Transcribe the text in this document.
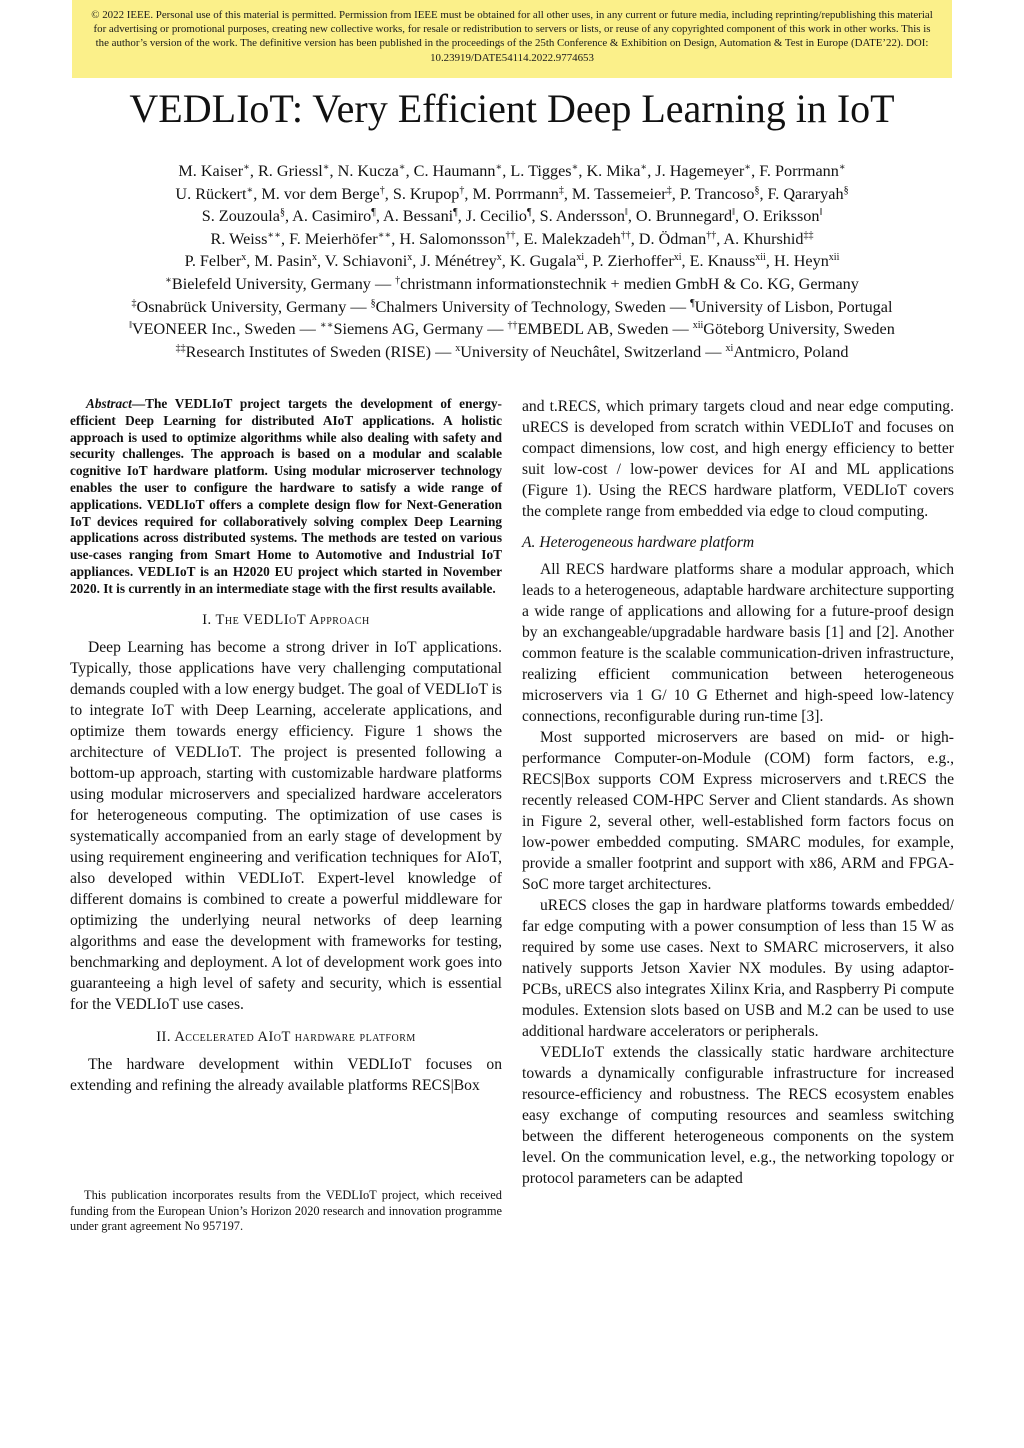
© 2022 IEEE. Personal use of this material is permitted. Permission from IEEE must be obtained for all other uses, in any current or future media, including reprinting/republishing this material for advertising or promotional purposes, creating new collective works, for resale or redistribution to servers or lists, or reuse of any copyrighted component of this work in other works. This is the author’s version of the work. The definitive version has been published in the proceedings of the 25th Conference & Exhibition on Design, Automation & Test in Europe (DATE’22). DOI: 10.23919/DATE54114.2022.9774653
VEDLIoT: Very Efficient Deep Learning in IoT
M. Kaiser∗, R. Griessl∗, N. Kucza∗, C. Haumann∗, L. Tigges∗, K. Mika∗, J. Hagemeyer∗, F. Porrmann∗
U. Rückert∗, M. vor dem Berge†, S. Krupop†, M. Porrmann‡, M. Tassemeier‡, P. Trancoso§, F. Qararyah§
S. Zouzoula§, A. Casimiro¶, A. Bessani¶, J. Cecilio¶, S. Andersson‖, O. Brunnegard‖, O. Eriksson‖
R. Weiss∗∗, F. Meierhöfer∗∗, H. Salomonsson††, E. Malekzadeh††, D. Ödman††, A. Khurshid‡‡
P. Felber$^x$, M. Pasin$^x$, V. Schiavoni$^x$, J. Ménétrey$^x$, K. Gugala$^{xi}$, P. Zierhoffer$^{xi}$, E. Knauss$^{xii}$, H. Heyn$^{xii}$
∗Bielefeld University, Germany — †christmann informationstechnik + medien GmbH & Co. KG, Germany
‡Osnabrück University, Germany — §Chalmers University of Technology, Sweden — ¶University of Lisbon, Portugal
‖VEONEER Inc., Sweden — ∗∗Siemens AG, Germany — ††EMBEDL AB, Sweden — $^{xii}$Göteborg University, Sweden
‡‡Research Institutes of Sweden (RISE) — $^x$University of Neuchâtel, Switzerland — $^{xi}$Antmicro, Poland

Abstract—The VEDLIoT project targets the development of energy-efficient Deep Learning for distributed AIoT applications. A holistic approach is used to optimize algorithms while also dealing with safety and security challenges. The approach is based on a modular and scalable cognitive IoT hardware platform. Using modular microserver technology enables the user to configure the hardware to satisfy a wide range of applications. VEDLIoT offers a complete design flow for Next-Generation IoT devices required for collaboratively solving complex Deep Learning applications across distributed systems. The methods are tested on various use-cases ranging from Smart Home to Automotive and Industrial IoT appliances. VEDLIoT is an H2020 EU project which started in November 2020. It is currently in an intermediate stage with the first results available.

I. The VEDLIoT Approach

Deep Learning has become a strong driver in IoT applications. Typically, those applications have very challenging computational demands coupled with a low energy budget. The goal of VEDLIoT is to integrate IoT with Deep Learning, accelerate applications, and optimize them towards energy efficiency. Figure 1 shows the architecture of VEDLIoT. The project is presented following a bottom-up approach, starting with customizable hardware platforms using modular microservers and specialized hardware accelerators for heterogeneous computing. The optimization of use cases is systematically accompanied from an early stage of development by using requirement engineering and verification techniques for AIoT, also developed within VEDLIoT. Expert-level knowledge of different domains is combined to create a powerful middleware for optimizing the underlying neural networks of deep learning algorithms and ease the development with frameworks for testing, benchmarking and deployment. A lot of development work goes into guaranteeing a high level of safety and security, which is essential for the VEDLIoT use cases.

II. Accelerated AIoT hardware platform

The hardware development within VEDLIoT focuses on extending and refining the already available platforms RECS|Box

This publication incorporates results from the VEDLIoT project, which received funding from the European Union’s Horizon 2020 research and innovation programme under grant agreement No 957197.

and t.RECS, which primary targets cloud and near edge computing. uRECS is developed from scratch within VEDLIoT and focuses on compact dimensions, low cost, and high energy efficiency to better suit low-cost / low-power devices for AI and ML applications (Figure 1). Using the RECS hardware platform, VEDLIoT covers the complete range from embedded via edge to cloud computing.

A. Heterogeneous hardware platform

All RECS hardware platforms share a modular approach, which leads to a heterogeneous, adaptable hardware architecture supporting a wide range of applications and allowing for a future-proof design by an exchangeable/upgradable hardware basis [1] and [2]. Another common feature is the scalable communication-driven infrastructure, realizing efficient communication between heterogeneous microservers via 1 G/ 10 G Ethernet and high-speed low-latency connections, reconfigurable during run-time [3].

Most supported microservers are based on mid- or high-performance Computer-on-Module (COM) form factors, e.g., RECS|Box supports COM Express microservers and t.RECS the recently released COM-HPC Server and Client standards. As shown in Figure 2, several other, well-established form factors focus on low-power embedded computing. SMARC modules, for example, provide a smaller footprint and support with x86, ARM and FPGA-SoC more target architectures.

uRECS closes the gap in hardware platforms towards embedded/ far edge computing with a power consumption of less than 15 W as required by some use cases. Next to SMARC microservers, it also natively supports Jetson Xavier NX modules. By using adaptor-PCBs, uRECS also integrates Xilinx Kria, and Raspberry Pi compute modules. Extension slots based on USB and M.2 can be used to use additional hardware accelerators or peripherals.

VEDLIoT extends the classically static hardware architecture towards a dynamically configurable infrastructure for increased resource-efficiency and robustness. The RECS ecosystem enables easy exchange of computing resources and seamless switching between the different heterogeneous components on the system level. On the communication level, e.g., the networking topology or protocol parameters can be adapted
